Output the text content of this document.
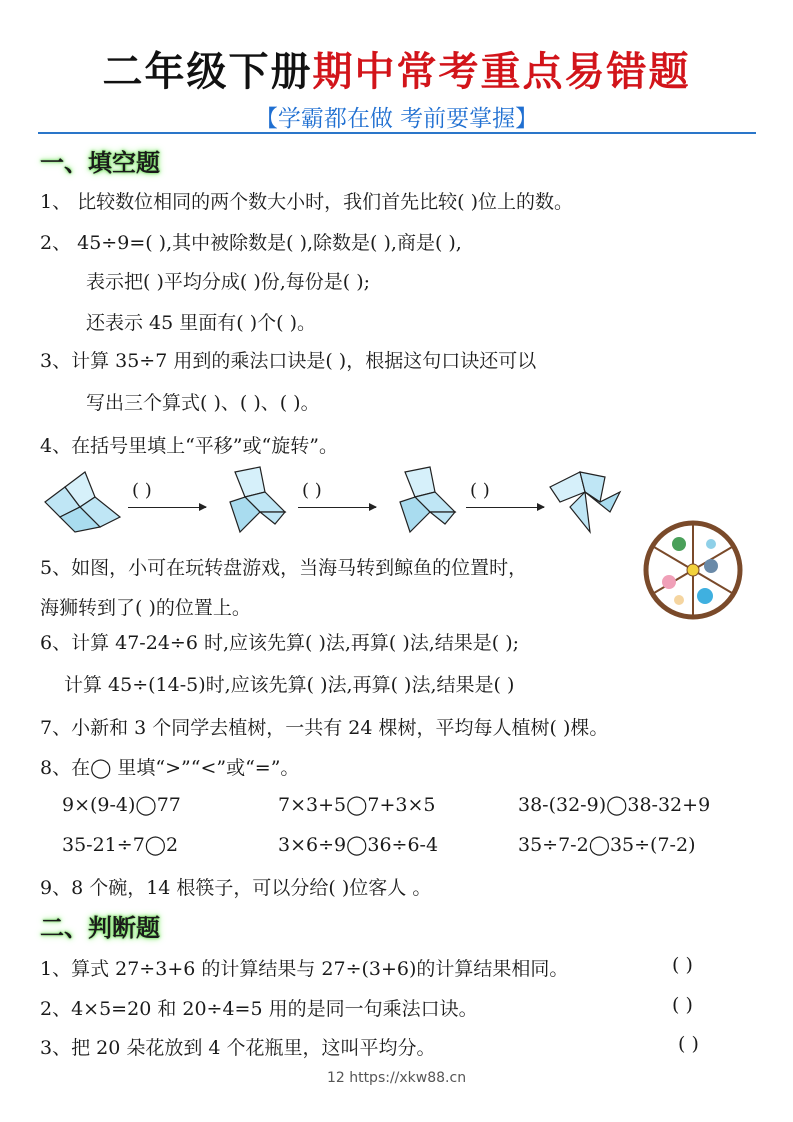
二年级下册期中常考重点易错题
【学霸都在做 考前要掌握】
一、填空题
1、 比较数位相同的两个数大小时，我们首先比较( )位上的数。
2、 45÷9=( ),其中被除数是( ),除数是( ),商是( ),
表示把( )平均分成( )份,每份是( );
还表示 45 里面有( )个( )。
3、计算 35÷7 用到的乘法口诀是( )，根据这句口诀还可以
写出三个算式( )、( )、( )。
4、在括号里填上“平移”或“旋转”。
( )	( )	( )
5、如图，小可在玩转盘游戏，当海马转到鲸鱼的位置时，
海狮转到了( )的位置上。
6、计算 47-24÷6 时,应该先算( )法,再算( )法,结果是( );
计算 45÷(14-5)时,应该先算( )法,再算( )法,结果是( )
7、小新和 3 个同学去植树，一共有 24 棵树，平均每人植树( )棵。
8、在◯ 里填“>”“<”或“=”。
9×(9-4)◯77	7×3+5◯7+3×5	38-(32-9)◯38-32+9
35-21÷7◯2	3×6÷9◯36÷6-4	35÷7-2◯35÷(7-2)
9、8 个碗，14 根筷子，可以分给( )位客人 。
二、判断题
1、算式 27÷3+6 的计算结果与 27÷(3+6)的计算结果相同。	( )
2、4×5=20 和 20÷4=5 用的是同一句乘法口诀。	( )
3、把 20 朵花放到 4 个花瓶里，这叫平均分。	( )
12 https://xkw88.cn
